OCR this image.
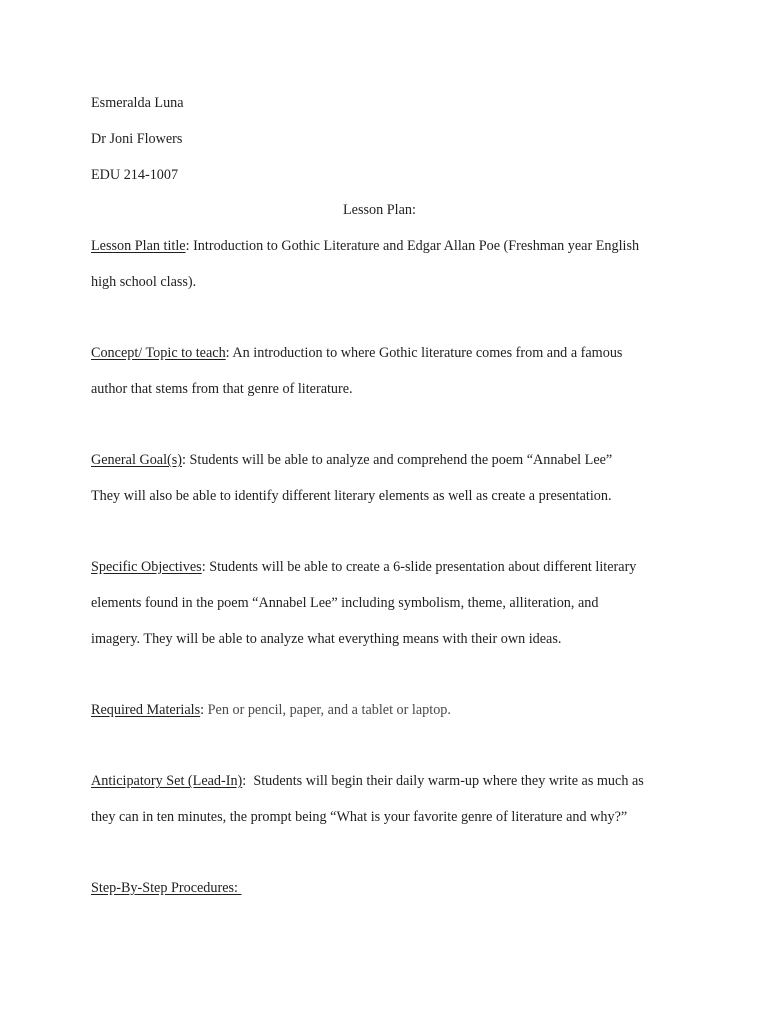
Esmeralda Luna
Dr Joni Flowers
EDU 214-1007
Lesson Plan:
Lesson Plan title: Introduction to Gothic Literature and Edgar Allan Poe (Freshman year English
high school class).
Concept/ Topic to teach: An introduction to where Gothic literature comes from and a famous
author that stems from that genre of literature.
General Goal(s): Students will be able to analyze and comprehend the poem “Annabel Lee”
They will also be able to identify different literary elements as well as create a presentation.
Specific Objectives: Students will be able to create a 6-slide presentation about different literary
elements found in the poem “Annabel Lee” including symbolism, theme, alliteration, and
imagery. They will be able to analyze what everything means with their own ideas.
Required Materials: Pen or pencil, paper, and a tablet or laptop.
Anticipatory Set (Lead-In):  Students will begin their daily warm-up where they write as much as
they can in ten minutes, the prompt being “What is your favorite genre of literature and why?”
Step-By-Step Procedures:
